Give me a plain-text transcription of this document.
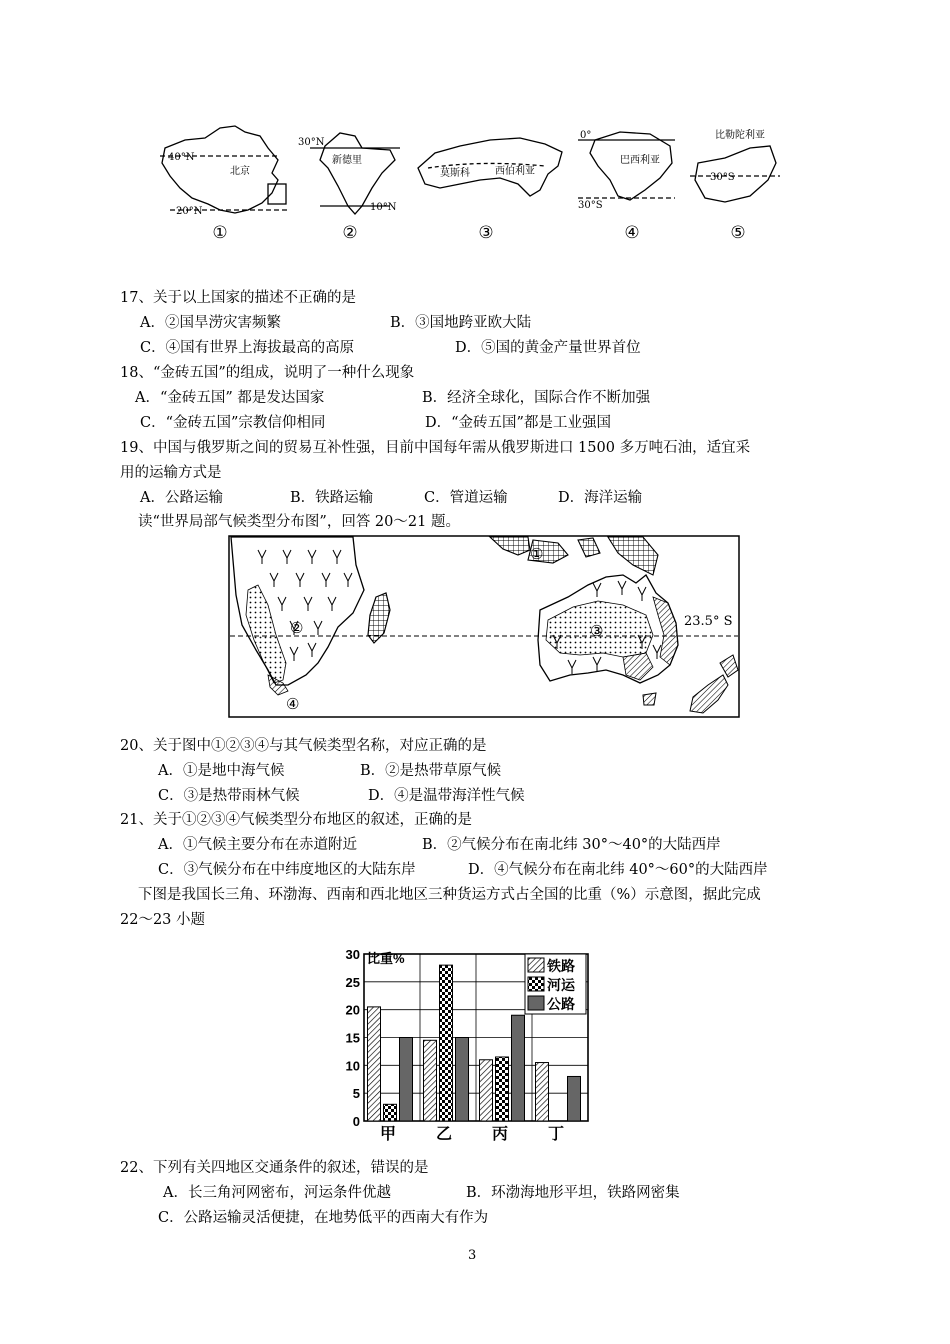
40°N
北京
20°N
30°N
新德里
10°N
莫斯科	西伯利亚
0°
巴西利亚
30°S
比勒陀利亚
30°S
①	②	③	④	⑤
17、关于以上国家的描述不正确的是
A．②国旱涝灾害频繁	B．③国地跨亚欧大陆
C．④国有世界上海拔最高的高原	D．⑤国的黄金产量世界首位
18、“金砖五国”的组成，说明了一种什么现象
A．“金砖五国” 都是发达国家	B．经济全球化，国际合作不断加强
C．“金砖五国”宗教信仰相同	D．“金砖五国”都是工业强国
19、中国与俄罗斯之间的贸易互补性强，目前中国每年需从俄罗斯进口 1500 多万吨石油，适宜采
用的运输方式是
A．公路运输	B．铁路运输	C．管道运输	D．海洋运输
读“世界局部气候类型分布图”，回答 20～21 题。
23.5° S
①
②	③
④
20、关于图中①②③④与其气候类型名称，对应正确的是
A．①是地中海气候	B．②是热带草原气候
C．③是热带雨林气候	D．④是温带海洋性气候
21、关于①②③④气候类型分布地区的叙述，正确的是
A．①气候主要分布在赤道附近	B．②气候分布在南北纬 30°～40°的大陆西岸
C．③气候分布在中纬度地区的大陆东岸	D．④气候分布在南北纬 40°～60°的大陆西岸
下图是我国长三角、环渤海、西南和西北地区三种货运方式占全国的比重（%）示意图，据此完成
22～23 小题
0
5
10
15
20
25
30
甲 乙 丙 丁
比重%
铁路
河运
公路
22、下列有关四地区交通条件的叙述，错误的是
A．长三角河网密布，河运条件优越	B．环渤海地形平坦，铁路网密集
C．公路运输灵活便捷，在地势低平的西南大有作为
3
